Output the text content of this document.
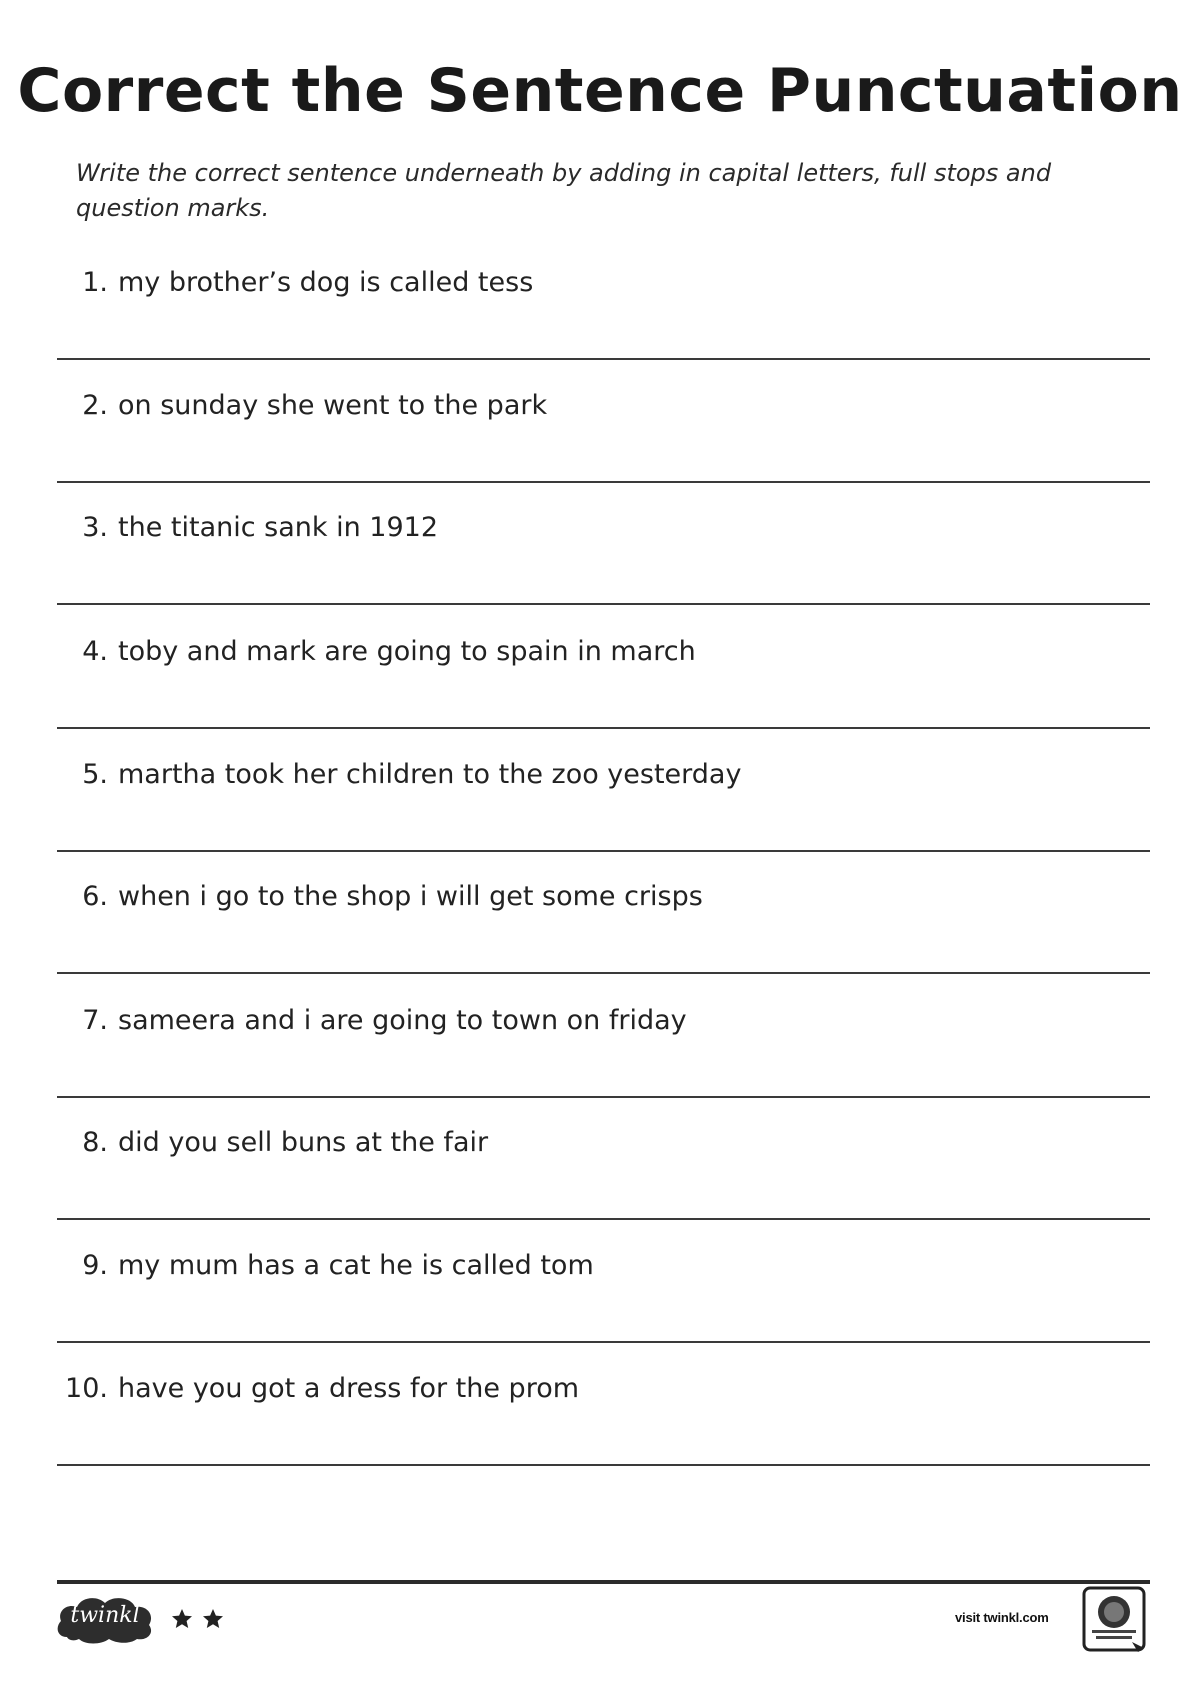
Correct the Sentence Punctuation

Write the correct sentence underneath by adding in capital letters, full stops and question marks.

1. my brother’s dog is called tess
2. on sunday she went to the park
3. the titanic sank in 1912
4. toby and mark are going to spain in march
5. martha took her children to the zoo yesterday
6. when i go to the shop i will get some crisps
7. sameera and i are going to town on friday
8. did you sell buns at the fair
9. my mum has a cat he is called tom
10. have you got a dress for the prom
twinkl
	visit twinkl.com
